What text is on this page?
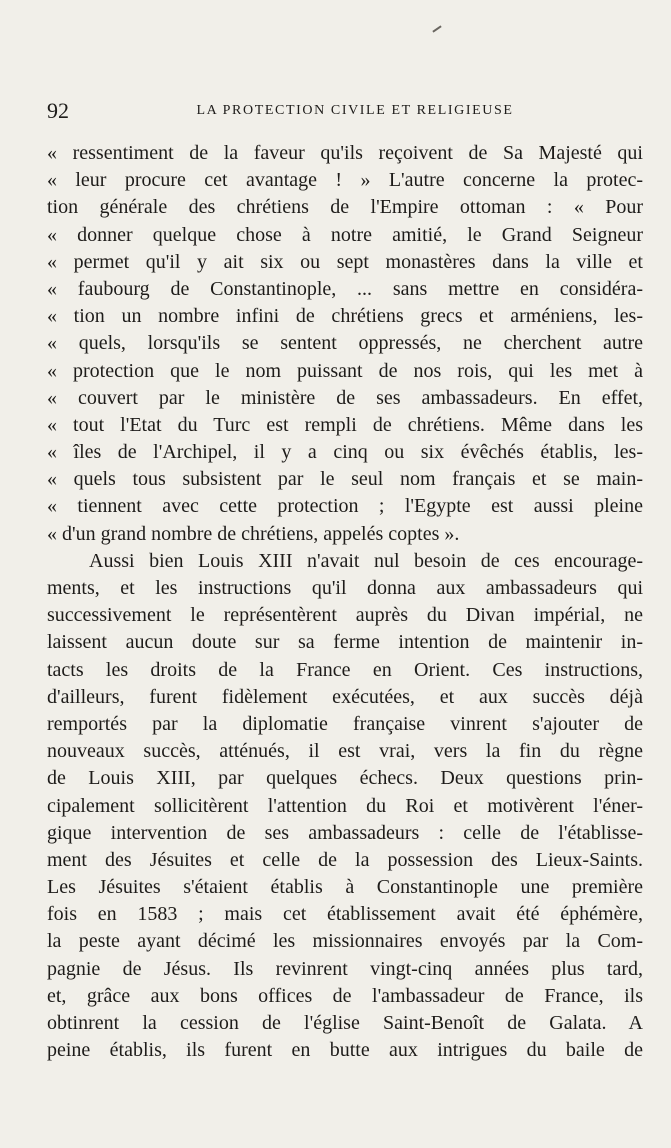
92	LA PROTECTION CIVILE ET RELIGIEUSE
« ressentiment de la faveur qu'ils reçoivent de Sa Majesté qui
« leur procure cet avantage ! » L'autre concerne la protec-
tion générale des chrétiens de l'Empire ottoman : « Pour
« donner quelque chose à notre amitié, le Grand Seigneur
« permet qu'il y ait six ou sept monastères dans la ville et
« faubourg de Constantinople, ... sans mettre en considéra-
« tion un nombre infini de chrétiens grecs et arméniens, les-
« quels, lorsqu'ils se sentent oppressés, ne cherchent autre
« protection que le nom puissant de nos rois, qui les met à
« couvert par le ministère de ses ambassadeurs. En effet,
« tout l'Etat du Turc est rempli de chrétiens. Même dans les
« îles de l'Archipel, il y a cinq ou six évêchés établis, les-
« quels tous subsistent par le seul nom français et se main-
« tiennent avec cette protection ; l'Egypte est aussi pleine
« d'un grand nombre de chrétiens, appelés coptes ».
Aussi bien Louis XIII n'avait nul besoin de ces encourage-
ments, et les instructions qu'il donna aux ambassadeurs qui
successivement le représentèrent auprès du Divan impérial, ne
laissent aucun doute sur sa ferme intention de maintenir in-
tacts les droits de la France en Orient. Ces instructions,
d'ailleurs, furent fidèlement exécutées, et aux succès déjà
remportés par la diplomatie française vinrent s'ajouter de
nouveaux succès, atténués, il est vrai, vers la fin du règne
de Louis XIII, par quelques échecs. Deux questions prin-
cipalement sollicitèrent l'attention du Roi et motivèrent l'éner-
gique intervention de ses ambassadeurs : celle de l'établisse-
ment des Jésuites et celle de la possession des Lieux-Saints.
Les Jésuites s'étaient établis à Constantinople une première
fois en 1583 ; mais cet établissement avait été éphémère,
la peste ayant décimé les missionnaires envoyés par la Com-
pagnie de Jésus. Ils revinrent vingt-cinq années plus tard,
et, grâce aux bons offices de l'ambassadeur de France, ils
obtinrent la cession de l'église Saint-Benoît de Galata. A
peine établis, ils furent en butte aux intrigues du baile de
